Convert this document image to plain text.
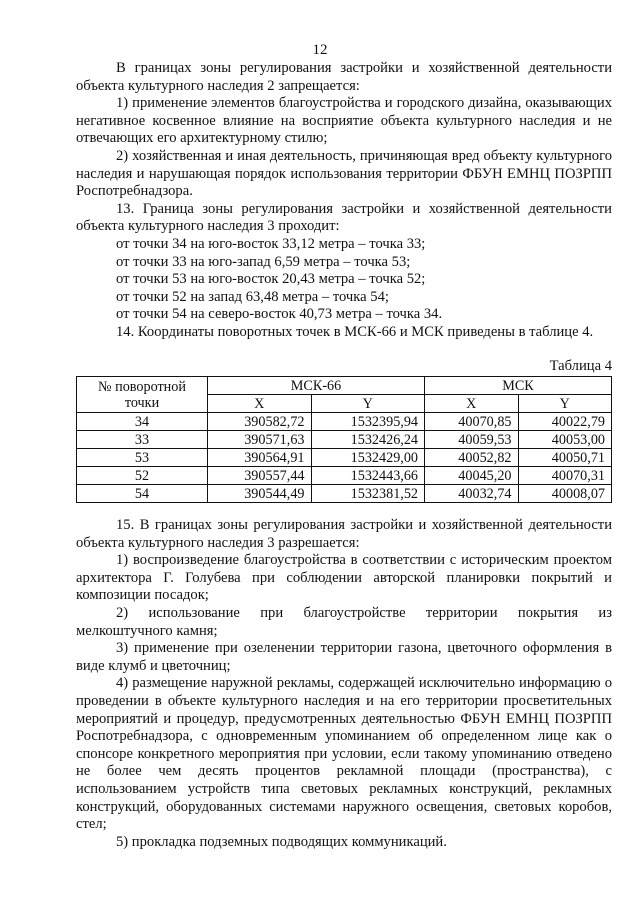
12

В границах зоны регулирования застройки и хозяйственной деятельности объекта культурного наследия 2 запрещается:

1) применение элементов благоустройства и городского дизайна, оказывающих негативное косвенное влияние на восприятие объекта культурного наследия и не отвечающих его архитектурному стилю;

2) хозяйственная и иная деятельность, причиняющая вред объекту культурного наследия и нарушающая порядок использования территории ФБУН ЕМНЦ ПОЗРПП Роспотребнадзора.

13. Граница зоны регулирования застройки и хозяйственной деятельности объекта культурного наследия 3 проходит:

от точки 34 на юго-восток 33,12 метра – точка 33;

от точки 33 на юго-запад 6,59 метра – точка 53;

от точки 53 на юго-восток 20,43 метра – точка 52;

от точки 52 на запад 63,48 метра – точка 54;

от точки 54 на северо-восток 40,73 метра – точка 34.

14. Координаты поворотных точек в МСК-66 и МСК приведены в таблице 4.

Таблица 4
№ поворотной точки	МСК-66		МСК	
	X	Y	X	Y
34	390582,72	1532395,94	40070,85	40022,79
33	390571,63	1532426,24	40059,53	40053,00
53	390564,91	1532429,00	40052,82	40050,71
52	390557,44	1532443,66	40045,20	40070,31
54	390544,49	1532381,52	40032,74	40008,07

15. В границах зоны регулирования застройки и хозяйственной деятельности объекта культурного наследия 3 разрешается:

1) воспроизведение благоустройства в соответствии с историческим проектом архитектора Г. Голубева при соблюдении авторской планировки покрытий и композиции посадок;

2) использование при благоустройстве территории покрытия из мелкоштучного камня;

3) применение при озеленении территории газона, цветочного оформления в виде клумб и цветочниц;

4) размещение наружной рекламы, содержащей исключительно информацию о проведении в объекте культурного наследия и на его территории просветительных мероприятий и процедур, предусмотренных деятельностью ФБУН ЕМНЦ ПОЗРПП Роспотребнадзора, с одновременным упоминанием об определенном лице как о спонсоре конкретного мероприятия при условии, если такому упоминанию отведено не более чем десять процентов рекламной площади (пространства), с использованием устройств типа световых рекламных конструкций, рекламных конструкций, оборудованных системами наружного освещения, световых коробов, стел;

5) прокладка подземных подводящих коммуникаций.
